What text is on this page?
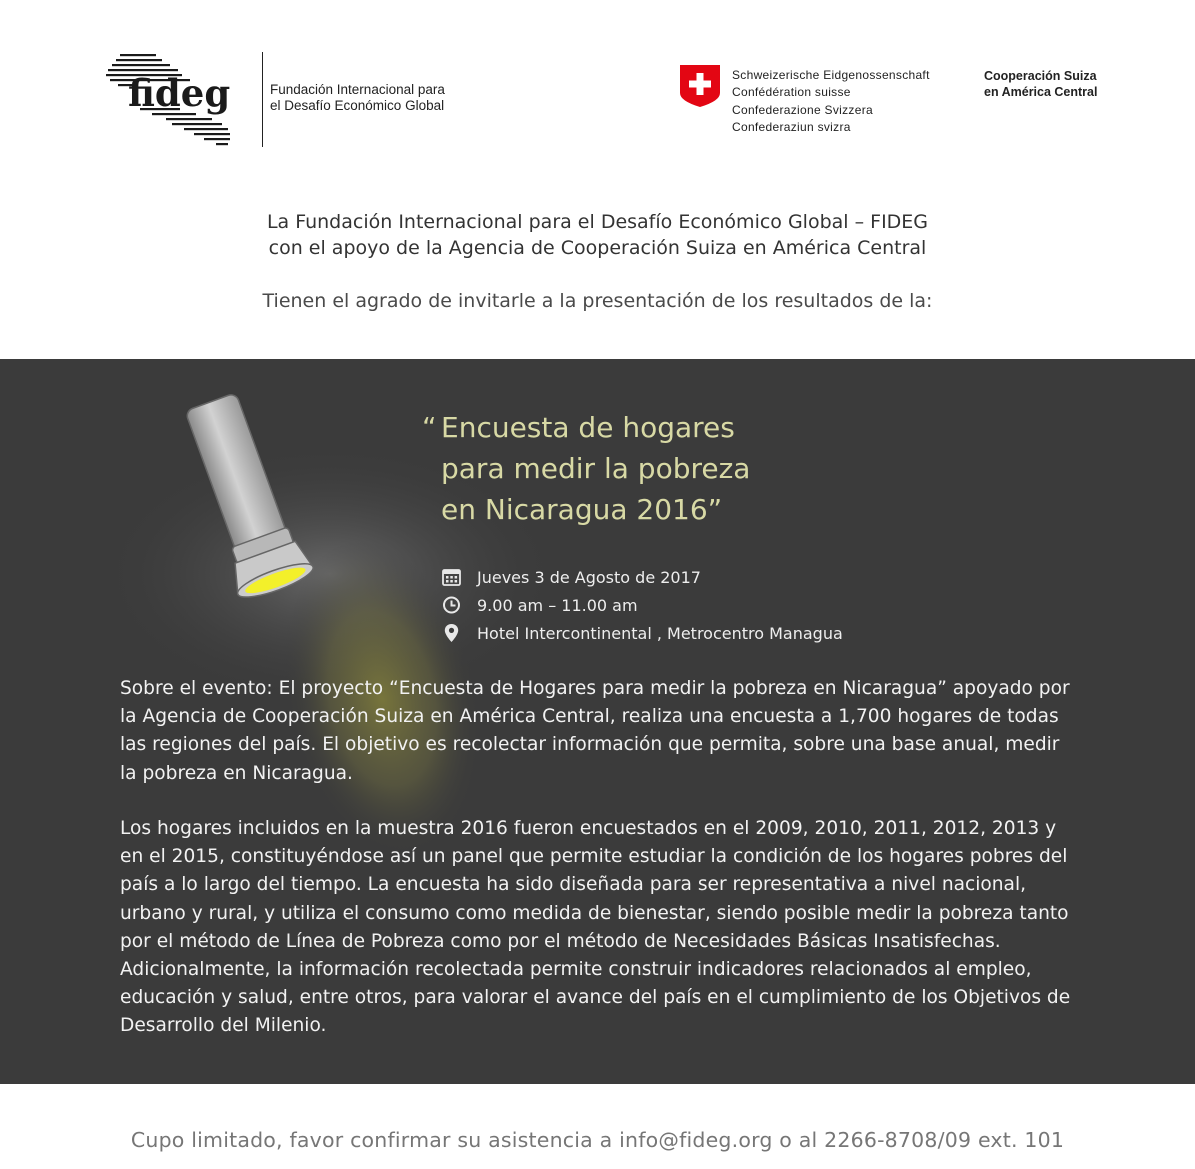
fideg	Fundación Internacional para
el Desafío Económico Global
Schweizerische Eidgenossenschaft
Confédération suisse
Confederazione Svizzera
Confederaziun svizra
Cooperación Suiza
en América Central
La Fundación Internacional para el Desafío Económico Global – FIDEG
con el apoyo de la Agencia de Cooperación Suiza en América Central
Tienen el agrado de invitarle a la presentación de los resultados de la:
“ Encuesta de hogares
para medir la pobreza
en Nicaragua 2016”
Jueves 3 de Agosto de 2017
9.00 am – 11.00 am
Hotel Intercontinental , Metrocentro Managua
Sobre el evento: El proyecto “Encuesta de Hogares para medir la pobreza en Nicaragua” apoyado por la Agencia de Cooperación Suiza en América Central, realiza una encuesta a 1,700 hogares de todas las regiones del país. El objetivo es recolectar información que permita, sobre una base anual, medir la pobreza en Nicaragua.
Los hogares incluidos en la muestra 2016 fueron encuestados en el 2009, 2010, 2011, 2012, 2013 y en el 2015, constituyéndose así un panel que permite estudiar la condición de los hogares pobres del país a lo largo del tiempo. La encuesta ha sido diseñada para ser representativa a nivel nacional, urbano y rural, y utiliza el consumo como medida de bienestar, siendo posible medir la pobreza tanto por el método de Línea de Pobreza como por el método de Necesidades Básicas Insatisfechas. Adicionalmente, la información recolectada permite construir indicadores relacionados al empleo, educación y salud, entre otros, para valorar el avance del país en el cumplimiento de los Objetivos de Desarrollo del Milenio.
Cupo limitado, favor confirmar su asistencia a info@fideg.org o al 2266-8708/09 ext. 101
